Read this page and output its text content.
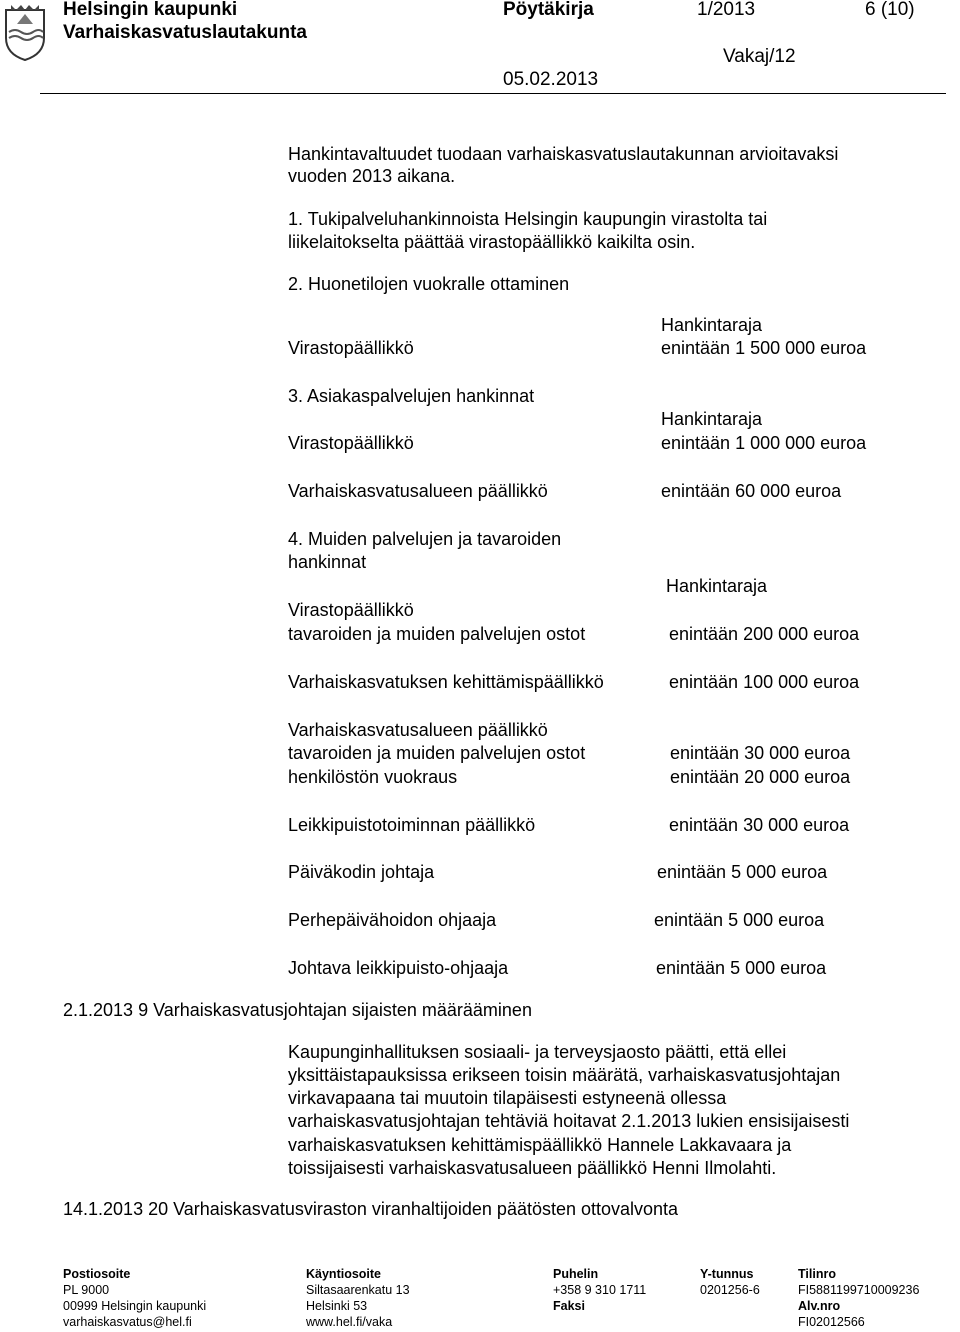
Helsingin kaupunki
Varhaiskasvatuslautakunta
Pöytäkirja	1/2013	6 (10)
Vakaj/12
05.02.2013
Hankintavaltuudet tuodaan varhaiskasvatuslautakunnan arvioitavaksi
vuoden 2013 aikana.
1. Tukipalveluhankinnoista Helsingin kaupungin virastolta tai
liikelaitokselta päättää virastopäällikkö kaikilta osin.
2. Huonetilojen vuokralle ottaminen
Hankintaraja
Virastopäällikkö	enintään 1 500 000 euroa
3. Asiakaspalvelujen hankinnat
Hankintaraja
Virastopäällikkö	enintään 1 000 000 euroa
Varhaiskasvatusalueen päällikkö	enintään 60 000 euroa
4. Muiden palvelujen ja tavaroiden
hankinnat
Hankintaraja
Virastopäällikkö
tavaroiden ja muiden palvelujen ostot	enintään 200 000 euroa
Varhaiskasvatuksen kehittämispäällikkö	enintään 100 000 euroa
Varhaiskasvatusalueen päällikkö
tavaroiden ja muiden palvelujen ostot	enintään 30 000 euroa
henkilöstön vuokraus	enintään 20 000 euroa
Leikkipuistotoiminnan päällikkö	enintään 30 000 euroa
Päiväkodin johtaja	enintään 5 000 euroa
Perhepäivähoidon ohjaaja	enintään 5 000 euroa
Johtava leikkipuisto-ohjaaja	enintään 5 000 euroa
2.1.2013 9 Varhaiskasvatusjohtajan sijaisten määrääminen
Kaupunginhallituksen sosiaali- ja terveysjaosto päätti, että ellei
yksittäistapauksissa erikseen toisin määrätä, varhaiskasvatusjohtajan
virkavapaana tai muutoin tilapäisesti estyneenä ollessa
varhaiskasvatusjohtajan tehtäviä hoitavat 2.1.2013 lukien ensisijaisesti
varhaiskasvatuksen kehittämispäällikkö Hannele Lakkavaara ja
toissijaisesti varhaiskasvatusalueen päällikkö Henni Ilmolahti.
14.1.2013 20 Varhaiskasvatusviraston viranhaltijoiden päätösten ottovalvonta
Postiosoite
PL 9000
00999 Helsingin kaupunki
varhaiskasvatus@hel.fi
Käyntiosoite
Siltasaarenkatu 13
Helsinki 53
www.hel.fi/vaka
Puhelin
+358 9 310 1711
Faksi
Y-tunnus
0201256-6
Tilinro
FI5881199710009236
Alv.nro
FI02012566
